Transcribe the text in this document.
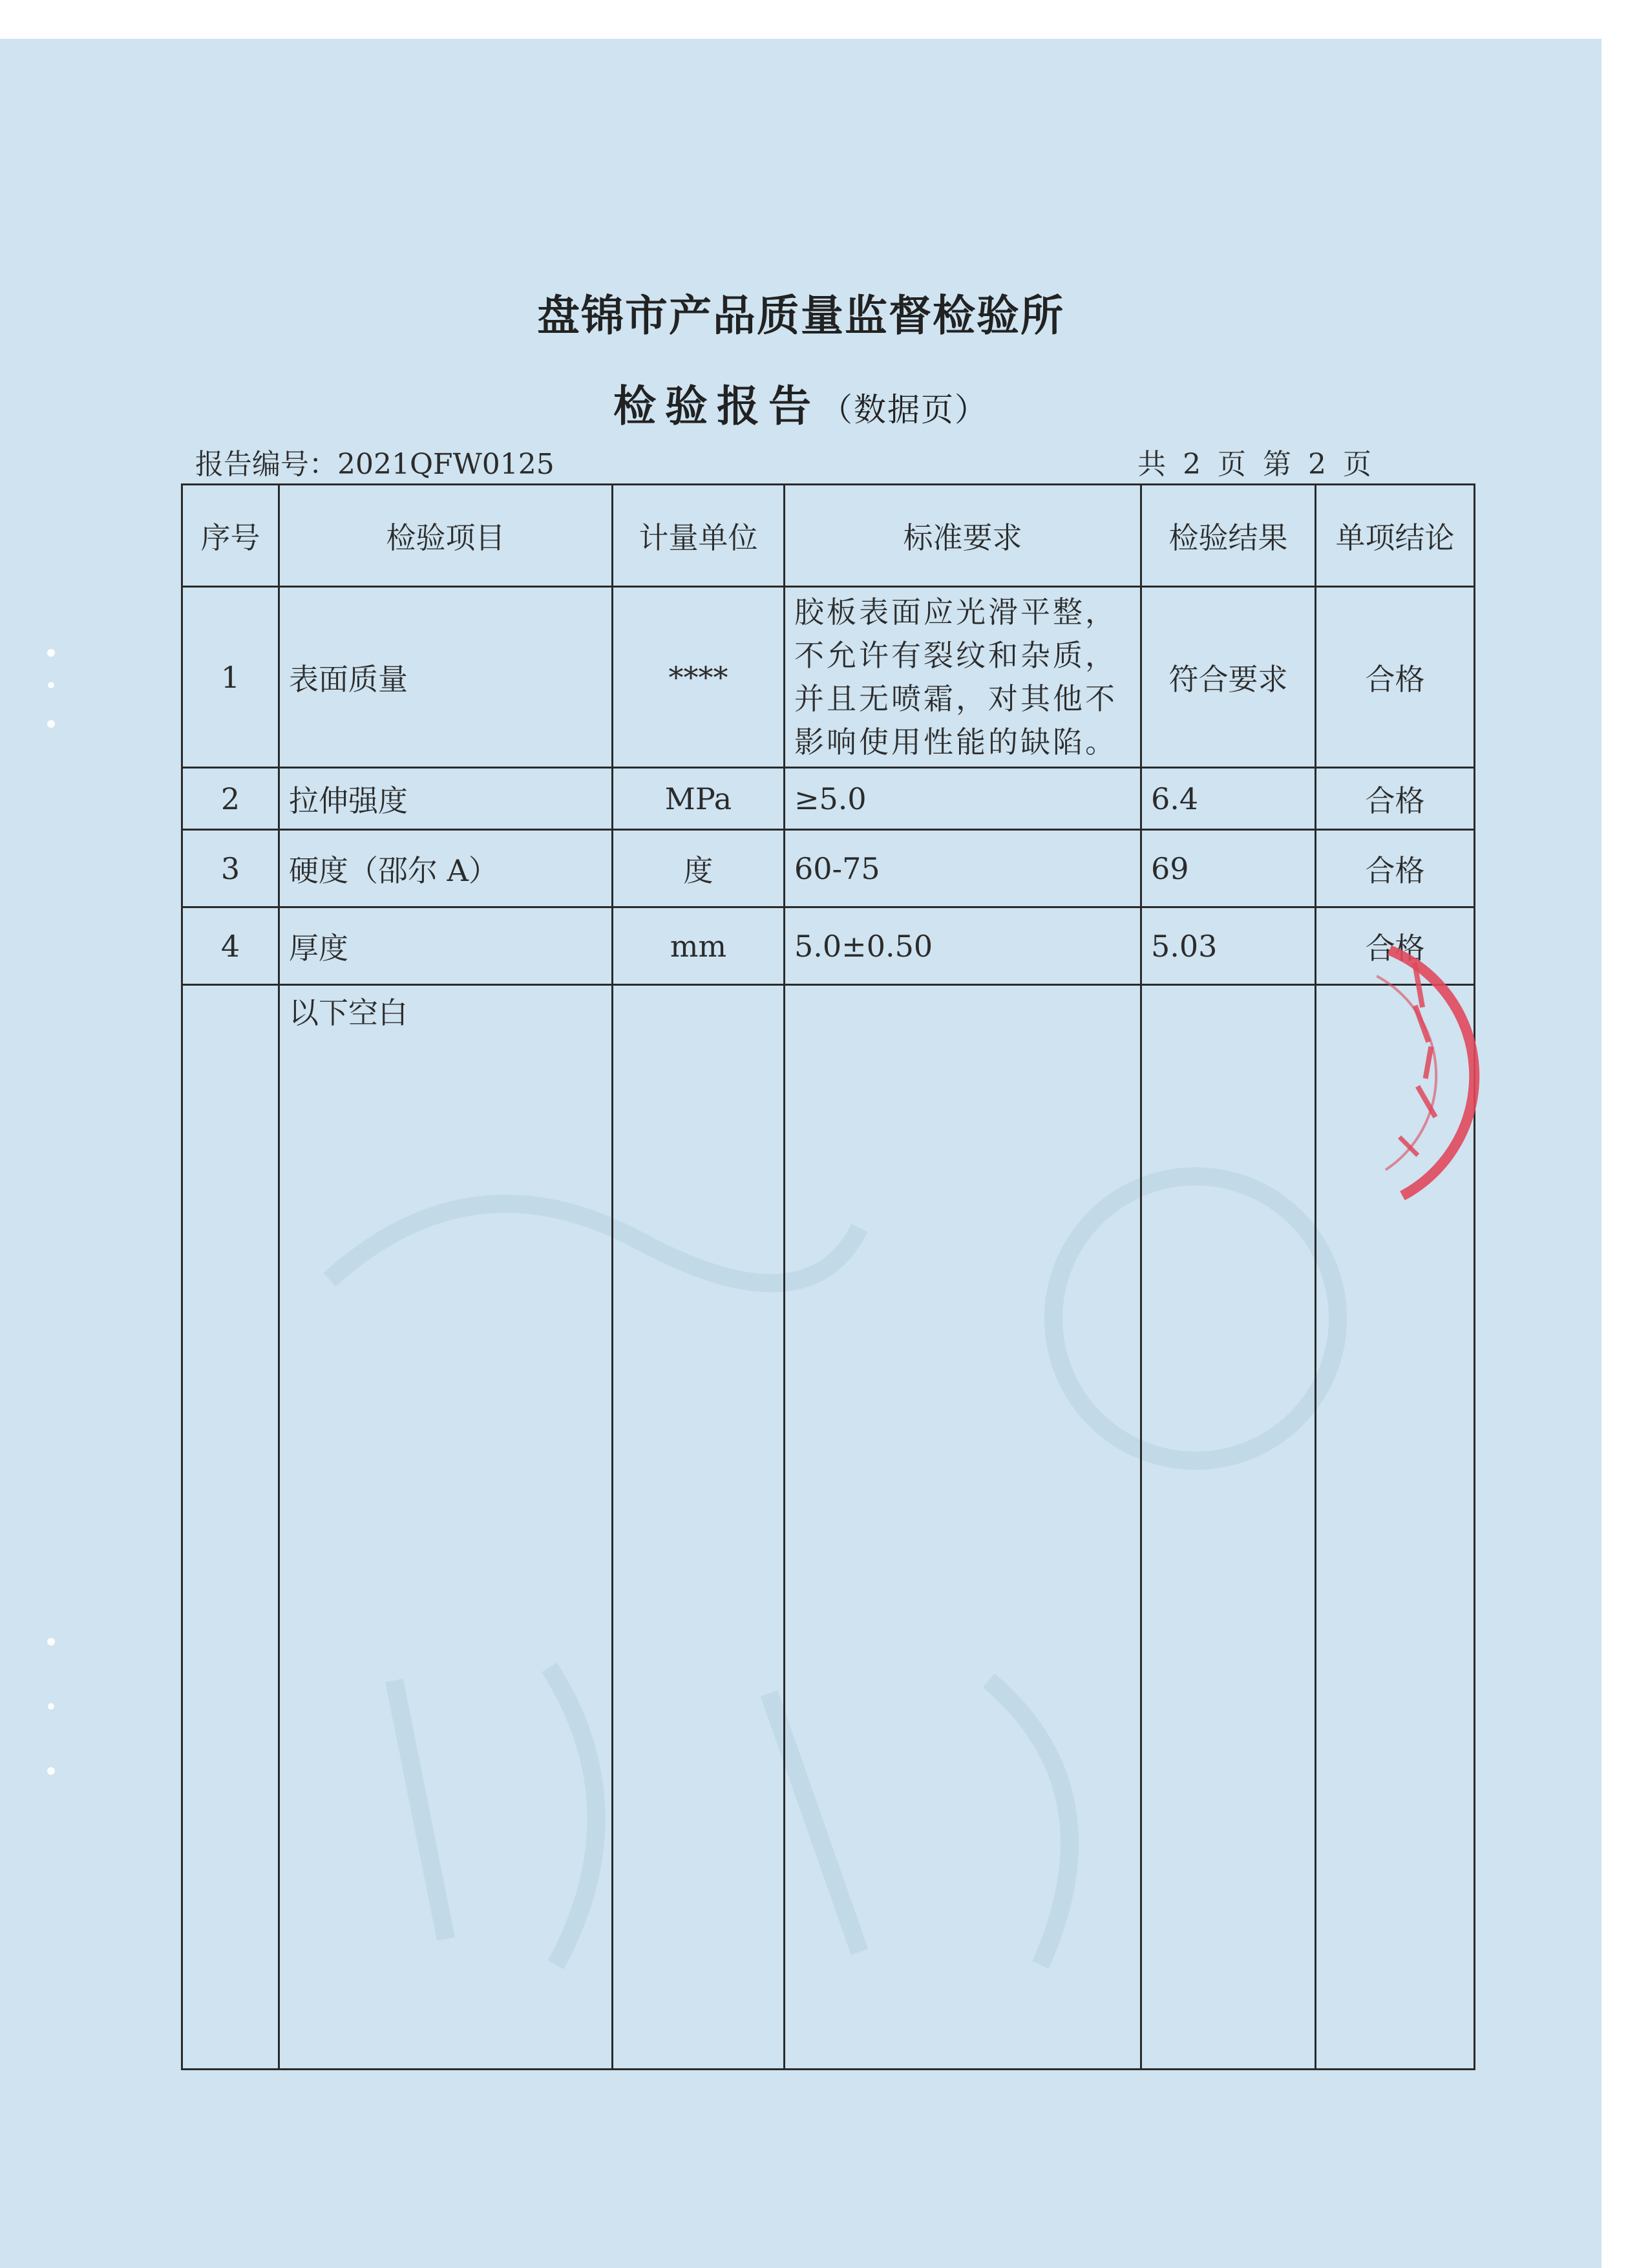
盘锦市产品质量监督检验所
检验报告（数据页）
报告编号：2021QFW0125	共 2 页 第 2 页
序号	检验项目	计量单位	标准要求	检验结果	单项结论
1	表面质量	****	胶板表面应光滑平整，
不允许有裂纹和杂质，
并且无喷霜，对其他不
影响使用性能的缺陷。	符合要求	合格
2	拉伸强度	MPa	≥5.0	6.4	合格
3	硬度（邵尔 A）	度	60-75	69	合格
4	厚度	mm	5.0±0.50	5.03	合格
	以下空白				
